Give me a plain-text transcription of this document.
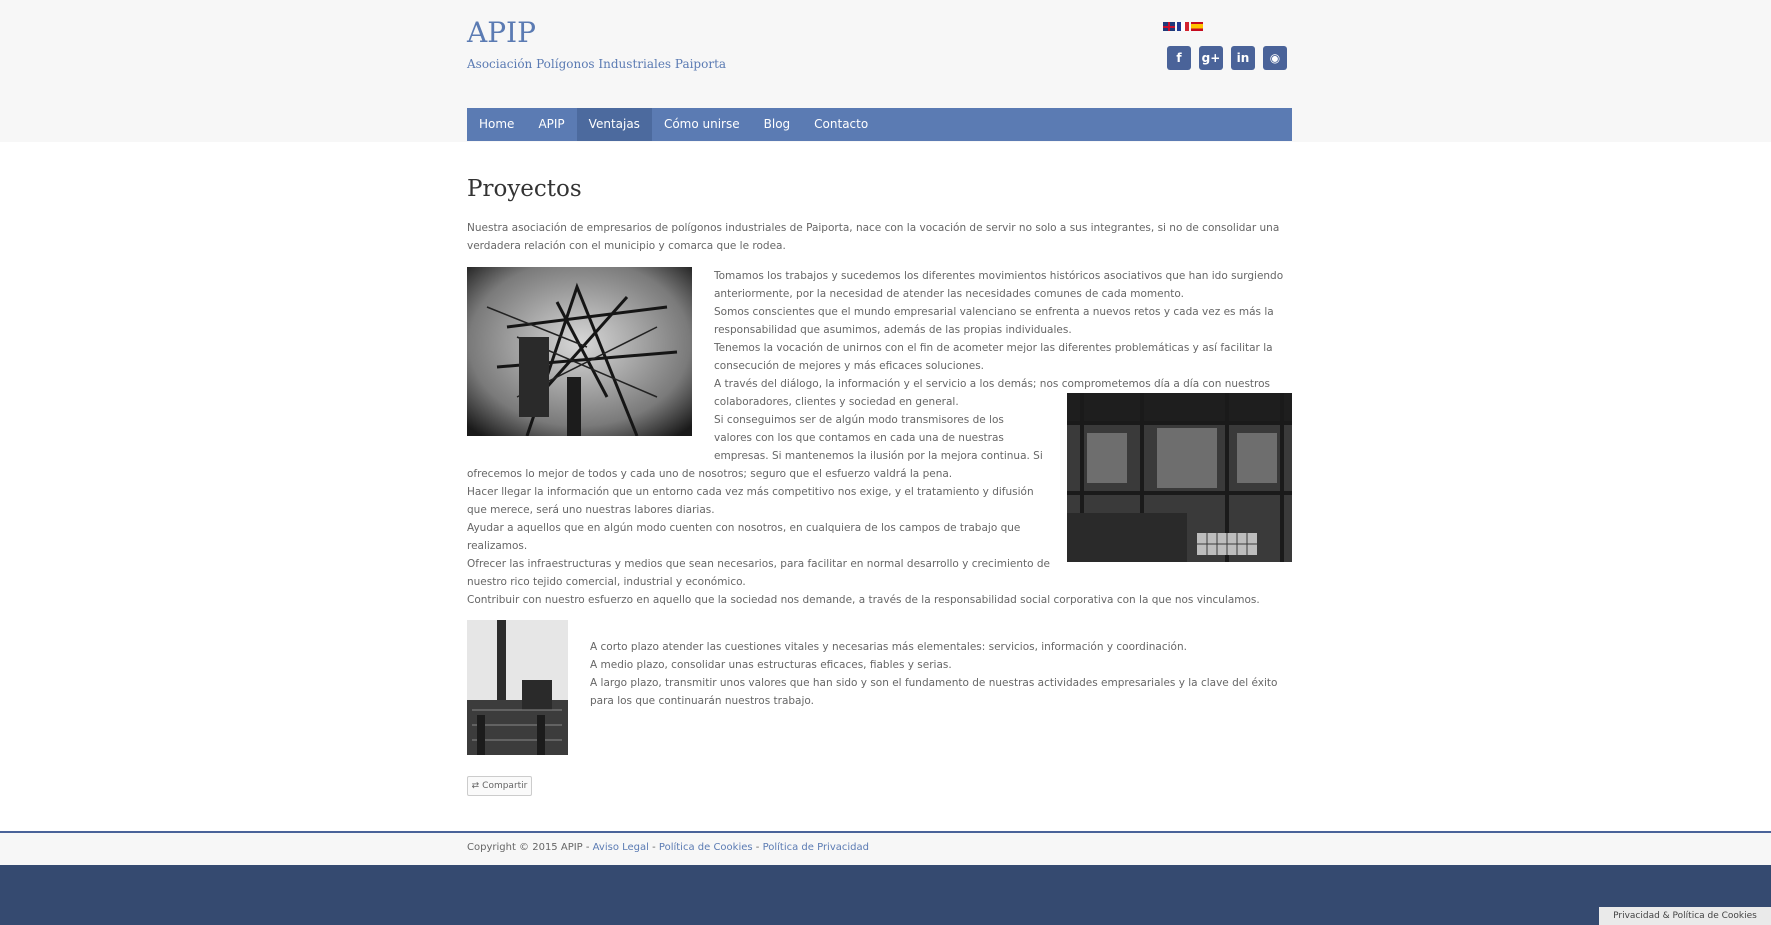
APIP
Asociación Polígonos Industriales Paiporta	f	g+	in	◉
Home	APIP	Ventajas	Cómo unirse	Blog	Contacto
Proyectos

Nuestra asociación de empresarios de polígonos industriales de Paiporta, nace con la vocación de servir no solo a sus integrantes, si no de consolidar una

verdadera relación con el municipio y comarca que le rodea.

Tomamos los trabajos y sucedemos los diferentes movimientos históricos asociativos que han ido surgiendo

anteriormente, por la necesidad de atender las necesidades comunes de cada momento.

Somos conscientes que el mundo empresarial valenciano se enfrenta a nuevos retos y cada vez es más la

responsabilidad que asumimos, además de las propias individuales.

Tenemos la vocación de unirnos con el fin de acometer mejor las diferentes problemáticas y así facilitar la

consecución de mejores y más eficaces soluciones.

A través del diálogo, la información y el servicio a los demás; nos comprometemos día a día con nuestros

colaboradores, clientes y sociedad en general.

Si conseguimos ser de algún modo transmisores de los

valores con los que contamos en cada una de nuestras

empresas. Si mantenemos la ilusión por la mejora continua. Si

ofrecemos lo mejor de todos y cada uno de nosotros; seguro que el esfuerzo valdrá la pena.

Hacer llegar la información que un entorno cada vez más competitivo nos exige, y el tratamiento y difusión

que merece, será uno nuestras labores diarias.

Ayudar a aquellos que en algún modo cuenten con nosotros, en cualquiera de los campos de trabajo que

realizamos.

Ofrecer las infraestructuras y medios que sean necesarios, para facilitar en normal desarrollo y crecimiento de

nuestro rico tejido comercial, industrial y económico.

Contribuir con nuestro esfuerzo en aquello que la sociedad nos demande, a través de la responsabilidad social corporativa con la que nos vinculamos.

A corto plazo atender las cuestiones vitales y necesarias más elementales: servicios, información y coordinación.

A medio plazo, consolidar unas estructuras eficaces, fiables y serias.

A largo plazo, transmitir unos valores que han sido y son el fundamento de nuestras actividades empresariales y la clave del éxito

para los que continuarán nuestros trabajo.

⇄ Compartir
Copyright © 2015 APIP - Aviso Legal - Política de Cookies - Política de Privacidad
Privacidad & Política de Cookies
